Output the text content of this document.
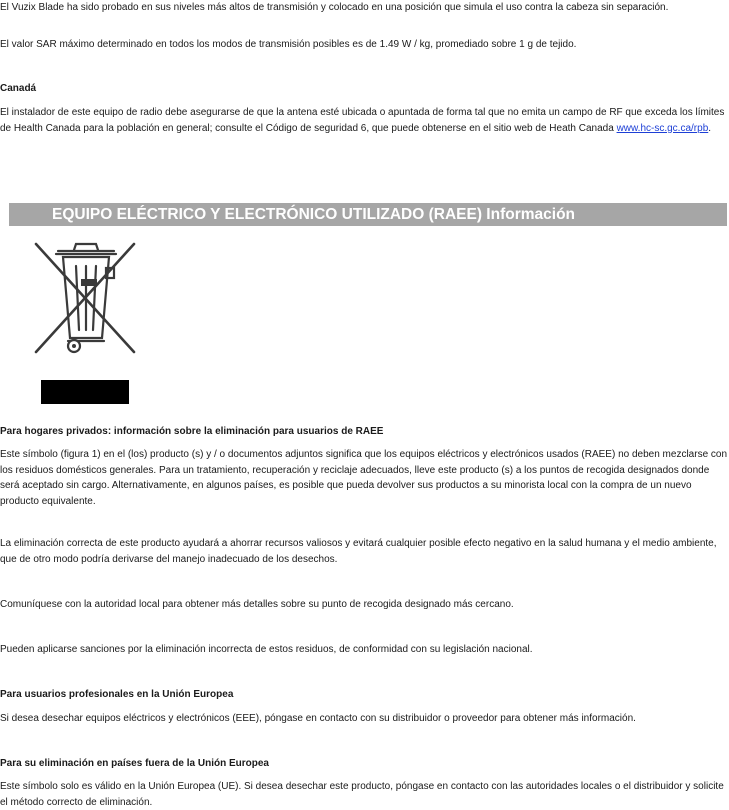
El Vuzix Blade ha sido probado en sus niveles más altos de transmisión y colocado en una posición que simula el uso contra la cabeza sin separación.

El valor SAR máximo determinado en todos los modos de transmisión posibles es de 1.49 W / kg, promediado sobre 1 g de tejido.

Canadá

El instalador de este equipo de radio debe asegurarse de que la antena esté ubicada o apuntada de forma tal que no emita un campo de RF que exceda los límites de Health Canada para la población en general; consulte el Código de seguridad 6, que puede obtenerse en el sitio web de Heath Canada www.hc-sc.gc.ca/rpb.

EQUIPO ELÉCTRICO Y ELECTRÓNICO UTILIZADO (RAEE) Información

Para hogares privados: información sobre la eliminación para usuarios de RAEE

Este símbolo (figura 1) en el (los) producto (s) y / o documentos adjuntos significa que los equipos eléctricos y electrónicos usados (RAEE) no deben mezclarse con los residuos domésticos generales. Para un tratamiento, recuperación y reciclaje adecuados, lleve este producto (s) a los puntos de recogida designados donde será aceptado sin cargo. Alternativamente, en algunos países, es posible que pueda devolver sus productos a su minorista local con la compra de un nuevo producto equivalente.

La eliminación correcta de este producto ayudará a ahorrar recursos valiosos y evitará cualquier posible efecto negativo en la salud humana y el medio ambiente, que de otro modo podría derivarse del manejo inadecuado de los desechos.

Comuníquese con la autoridad local para obtener más detalles sobre su punto de recogida designado más cercano.

Pueden aplicarse sanciones por la eliminación incorrecta de estos residuos, de conformidad con su legislación nacional.

Para usuarios profesionales en la Unión Europea

Si desea desechar equipos eléctricos y electrónicos (EEE), póngase en contacto con su distribuidor o proveedor para obtener más información.

Para su eliminación en países fuera de la Unión Europea

Este símbolo solo es válido en la Unión Europea (UE). Si desea desechar este producto, póngase en contacto con las autoridades locales o el distribuidor y solicite el método correcto de eliminación.
